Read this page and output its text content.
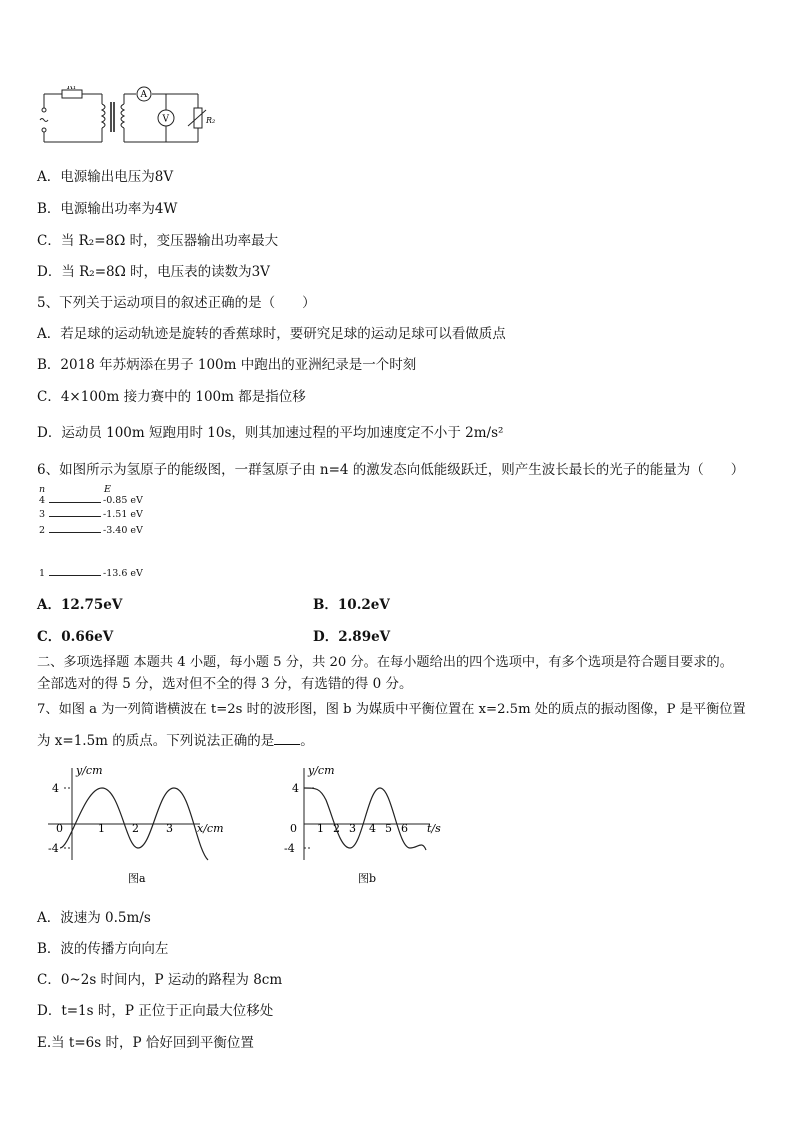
R₁
A
V	R₂
A．电源输出电压为8V
B．电源输出功率为4W
C．当 R₂=8Ω 时，变压器输出功率最大
D．当 R₂=8Ω 时，电压表的读数为3V
5、下列关于运动项目的叙述正确的是（　　）
A．若足球的运动轨迹是旋转的香蕉球时，要研究足球的运动足球可以看做质点
B．2018 年苏炳添在男子 100m 中跑出的亚洲纪录是一个时刻
C．4×100m 接力赛中的 100m 都是指位移
D．运动员 100m 短跑用时 10s，则其加速过程的平均加速度定不小于 2m/s²
6、如图所示为氢原子的能级图，一群氢原子由 n=4 的激发态向低能级跃迁，则产生波长最长的光子的能量为（　　）
n	E
4	-0.85 eV
3	-1.51 eV
2	-3.40 eV
1	-13.6 eV
A．12.75eV	B．10.2eV
C．0.66eV	D．2.89eV
二、多项选择题 本题共 4 小题，每小题 5 分，共 20 分。在每小题给出的四个选项中，有多个选项是符合题目要求的。
全部选对的得 5 分，选对但不全的得 3 分，有选错的得 0 分。
7、如图 a 为一列简谐横波在 t=2s 时的波形图，图 b 为媒质中平衡位置在 x=2.5m 处的质点的振动图像，P 是平衡位置
为 x=1.5m 的质点。下列说法正确的是 。
y/cm
4
-4
0	1 2 3 x/cm
图a
y/cm
4
-4
0 1 2 3 4 5 6 t/s
图b
A．波速为 0.5m/s
B．波的传播方向向左
C．0~2s 时间内，P 运动的路程为 8cm
D．t=1s 时，P 正位于正向最大位移处
E.当 t=6s 时，P 恰好回到平衡位置
